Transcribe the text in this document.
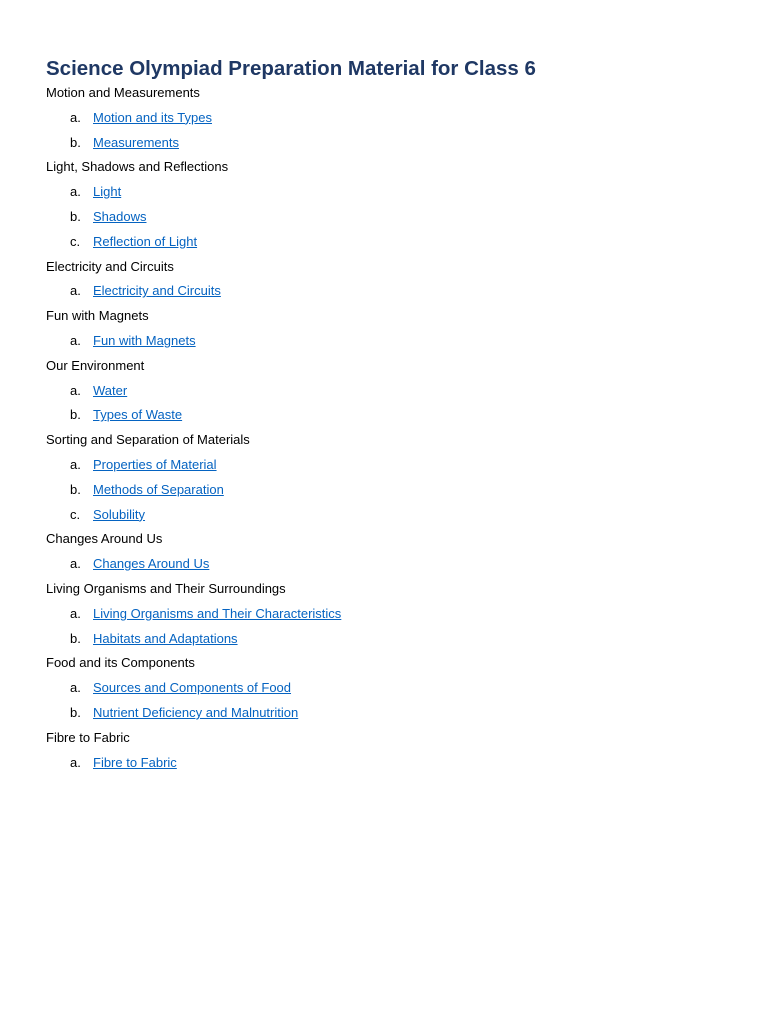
Science Olympiad Preparation Material for Class 6
Motion and Measurements
a. Motion and its Types
b. Measurements
Light, Shadows and Reflections
a. Light
b. Shadows
c. Reflection of Light
Electricity and Circuits
a. Electricity and Circuits
Fun with Magnets
a. Fun with Magnets
Our Environment
a. Water
b. Types of Waste
Sorting and Separation of Materials
a. Properties of Material
b. Methods of Separation
c. Solubility
Changes Around Us
a. Changes Around Us
Living Organisms and Their Surroundings
a. Living Organisms and Their Characteristics
b. Habitats and Adaptations
Food and its Components
a. Sources and Components of Food
b. Nutrient Deficiency and Malnutrition
Fibre to Fabric
a. Fibre to Fabric
